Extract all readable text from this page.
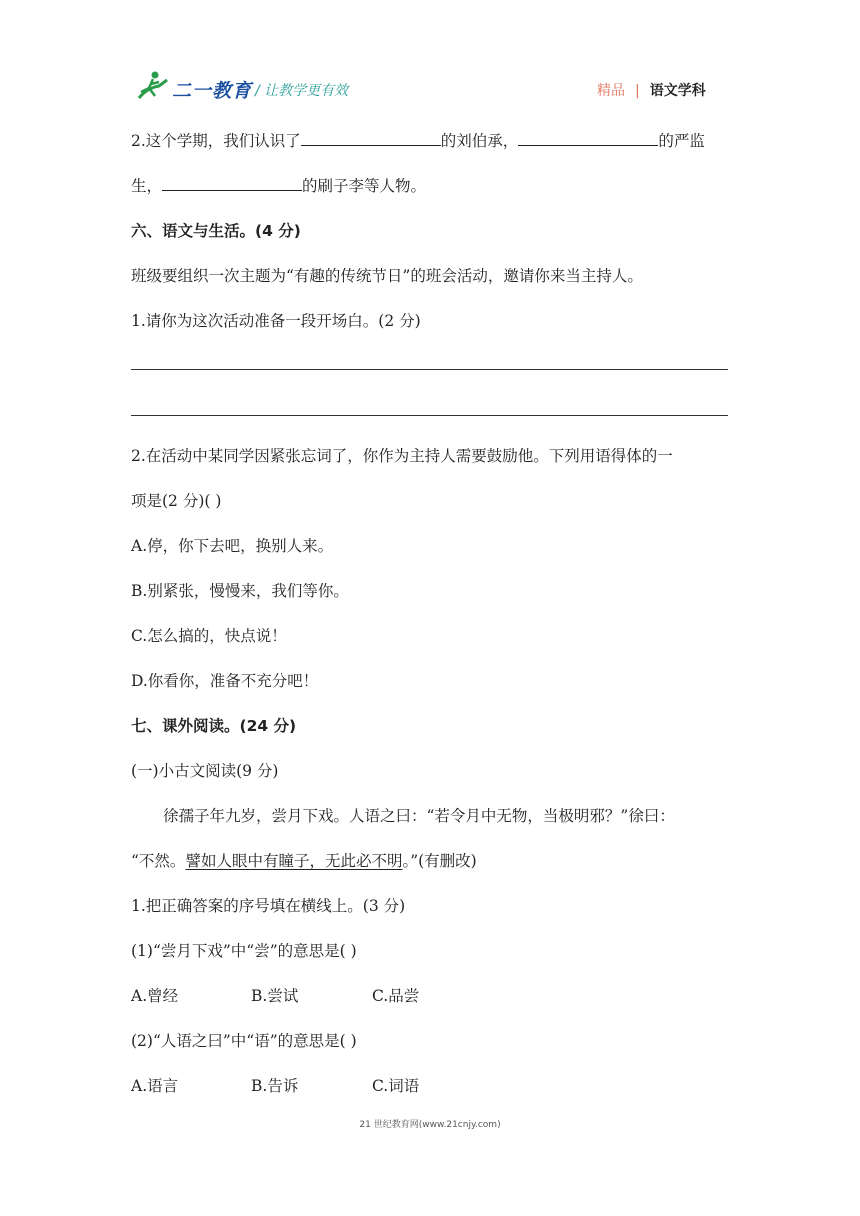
二一教育 / 让教学更有效	精品 | 语文学科
2.这个学期，我们认识了	的刘伯承，	的严监
生，	的刷子李等人物。
六、语文与生活。(4 分)
班级要组织一次主题为“有趣的传统节日”的班会活动，邀请你来当主持人。
1.请你为这次活动准备一段开场白。(2 分)
2.在活动中某同学因紧张忘词了，你作为主持人需要鼓励他。下列用语得体的一
项是(2 分)( )
A.停，你下去吧，换别人来。
B.别紧张，慢慢来，我们等你。
C.怎么搞的，快点说！
D.你看你，准备不充分吧！
七、课外阅读。(24 分)
(一)小古文阅读(9 分)
徐孺子年九岁，尝月下戏。人语之曰：“若令月中无物，当极明邪？”徐曰：
“不然。譬如人眼中有瞳子，无此必不明。”(有删改)
1.把正确答案的序号填在横线上。(3 分)
(1)“尝月下戏”中“尝”的意思是( )
A.曾经	B.尝试	C.品尝
(2)“人语之曰”中“语”的意思是( )
A.语言	B.告诉	C.词语
21 世纪教育网(www.21cnjy.com)
